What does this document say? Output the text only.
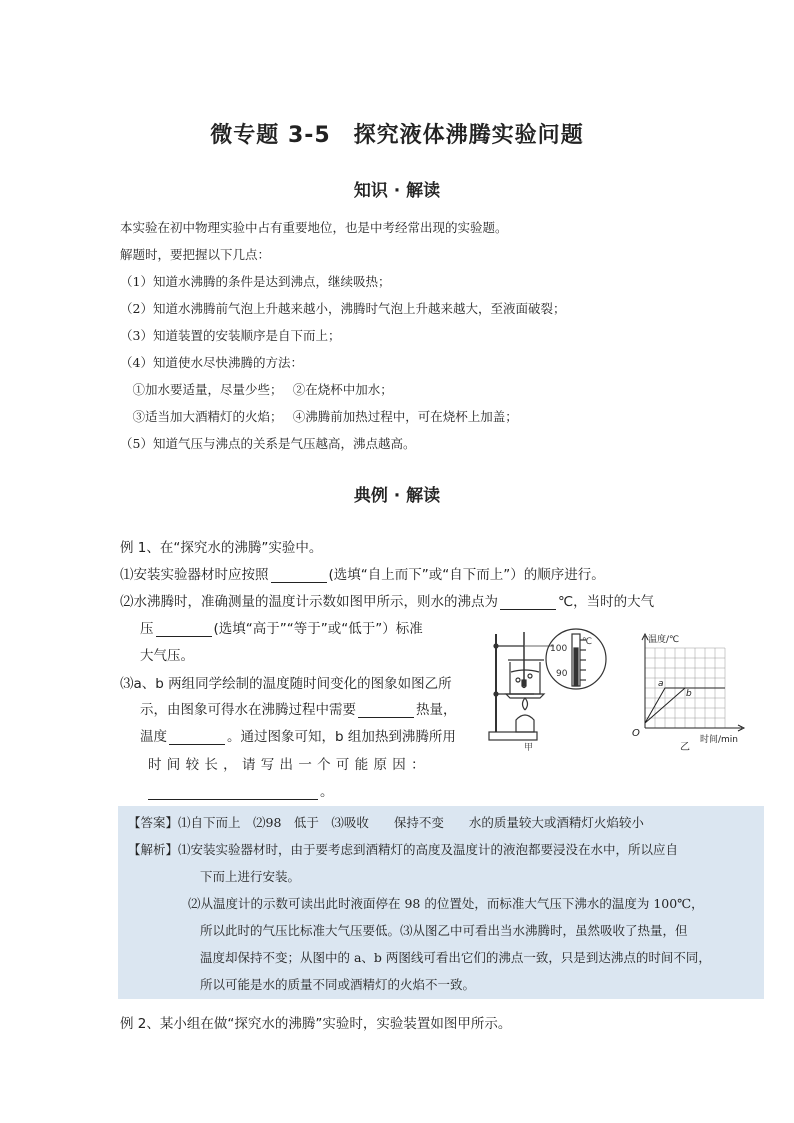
微专题 3-5　探究液体沸腾实验问题
知识 · 解读
本实验在初中物理实验中占有重要地位，也是中考经常出现的实验题。
解题时，要把握以下几点：
（1）知道水沸腾的条件是达到沸点，继续吸热；
（2）知道水沸腾前气泡上升越来越小，沸腾时气泡上升越来越大，至液面破裂；
（3）知道装置的安装顺序是自下而上；
（4）知道使水尽快沸腾的方法：
　①加水要适量，尽量少些；　 ②在烧杯中加水；
　③适当加大酒精灯的火焰；　 ④沸腾前加热过程中，可在烧杯上加盖；
（5）知道气压与沸点的关系是气压越高，沸点越高。
典例 · 解读
例 1、在“探究水的沸腾”实验中。
⑴安装实验器材时应按照	(选填“自上而下”或“自下而上”）的顺序进行。
⑵水沸腾时，准确测量的温度计示数如图甲所示，则水的沸点为	℃，当时的大气
压	(选填“高于”“等于”或“低于”）标准
大气压。
⑶a、b 两组同学绘制的温度随时间变化的图象如图乙所
示，由图象可得水在沸腾过程中需要	热量，
温度	。通过图象可知，b 组加热到沸腾所用
时 间 较 长 ， 请 写 出 一 个 可 能 原 因 ：
。
℃
100
90
甲
温度/℃
O
时间/min
a
b
乙
【答案】⑴自下而上　⑵98　低于　⑶吸收　　保持不变　　水的质量较大或酒精灯火焰较小
【解析】⑴安装实验器材时，由于要考虑到酒精灯的高度及温度计的液泡都要浸没在水中，所以应自
下而上进行安装。
⑵从温度计的示数可读出此时液面停在 98 的位置处，而标准大气压下沸水的温度为 100℃，
所以此时的气压比标准大气压要低。⑶从图乙中可看出当水沸腾时，虽然吸收了热量，但
温度却保持不变；从图中的 a、b 两图线可看出它们的沸点一致，只是到达沸点的时间不同，
所以可能是水的质量不同或酒精灯的火焰不一致。
例 2、某小组在做“探究水的沸腾”实验时，实验装置如图甲所示。
